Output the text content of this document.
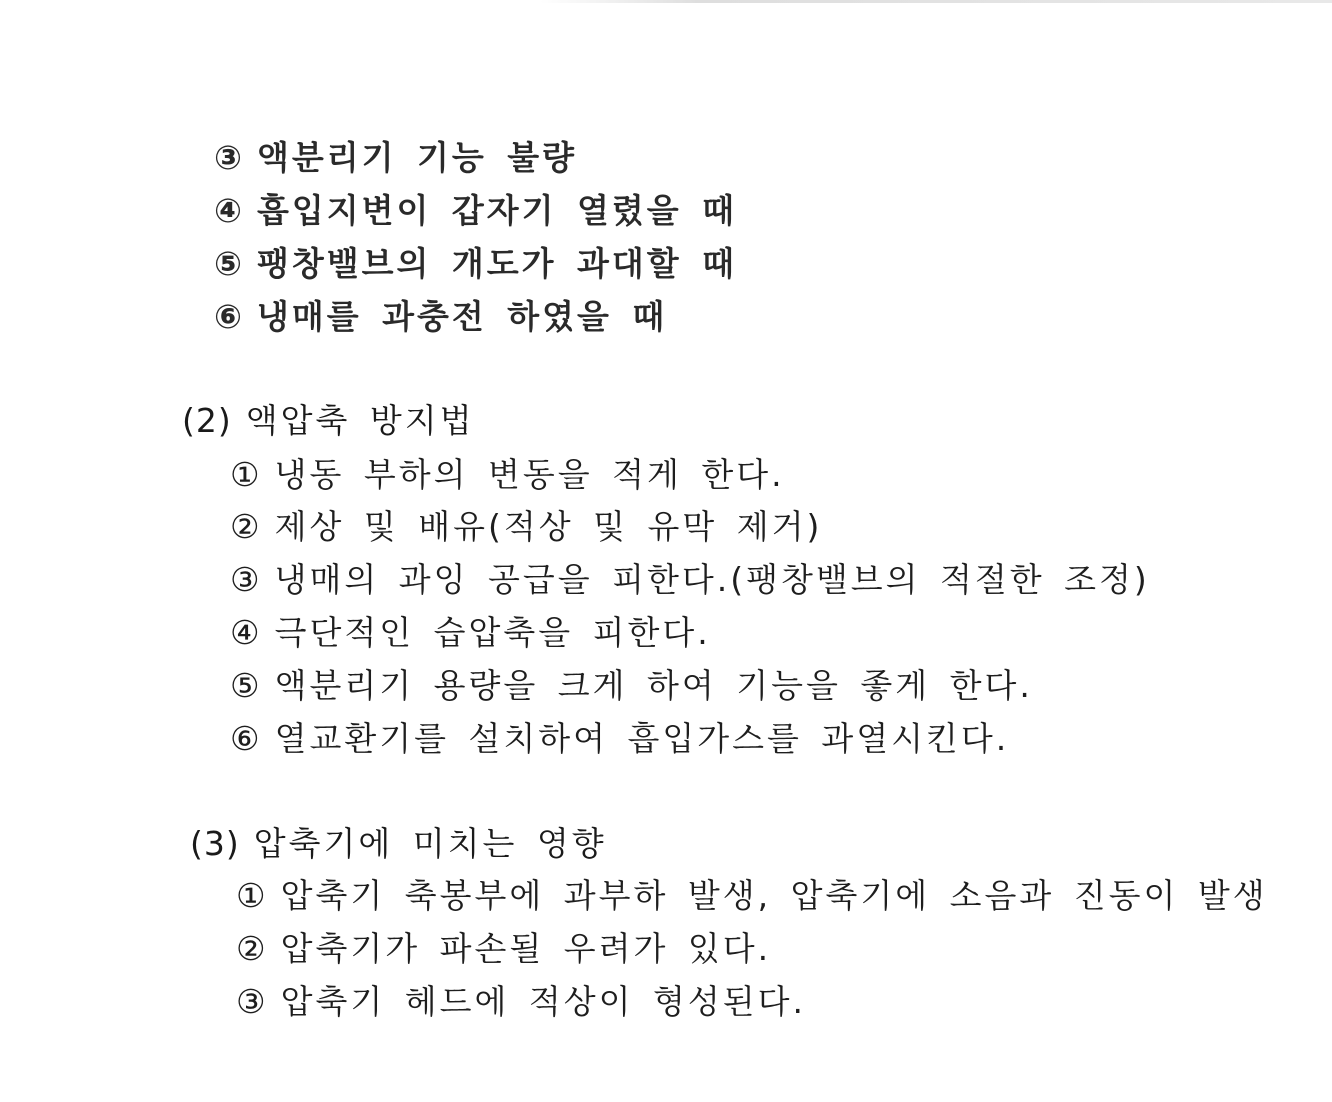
③ 액분리기 기능 불량
④ 흡입지변이 갑자기 열렸을 때
⑤ 팽창밸브의 개도가 과대할 때
⑥ 냉매를 과충전 하였을 때
(2) 액압축 방지법
① 냉동 부하의 변동을 적게 한다.
② 제상 및 배유(적상 및 유막 제거)
③ 냉매의 과잉 공급을 피한다.(팽창밸브의 적절한 조정)
④ 극단적인 습압축을 피한다.
⑤ 액분리기 용량을 크게 하여 기능을 좋게 한다.
⑥ 열교환기를 설치하여 흡입가스를 과열시킨다.
(3) 압축기에 미치는 영향
① 압축기 축봉부에 과부하 발생, 압축기에 소음과 진동이 발생
② 압축기가 파손될 우려가 있다.
③ 압축기 헤드에 적상이 형성된다.
